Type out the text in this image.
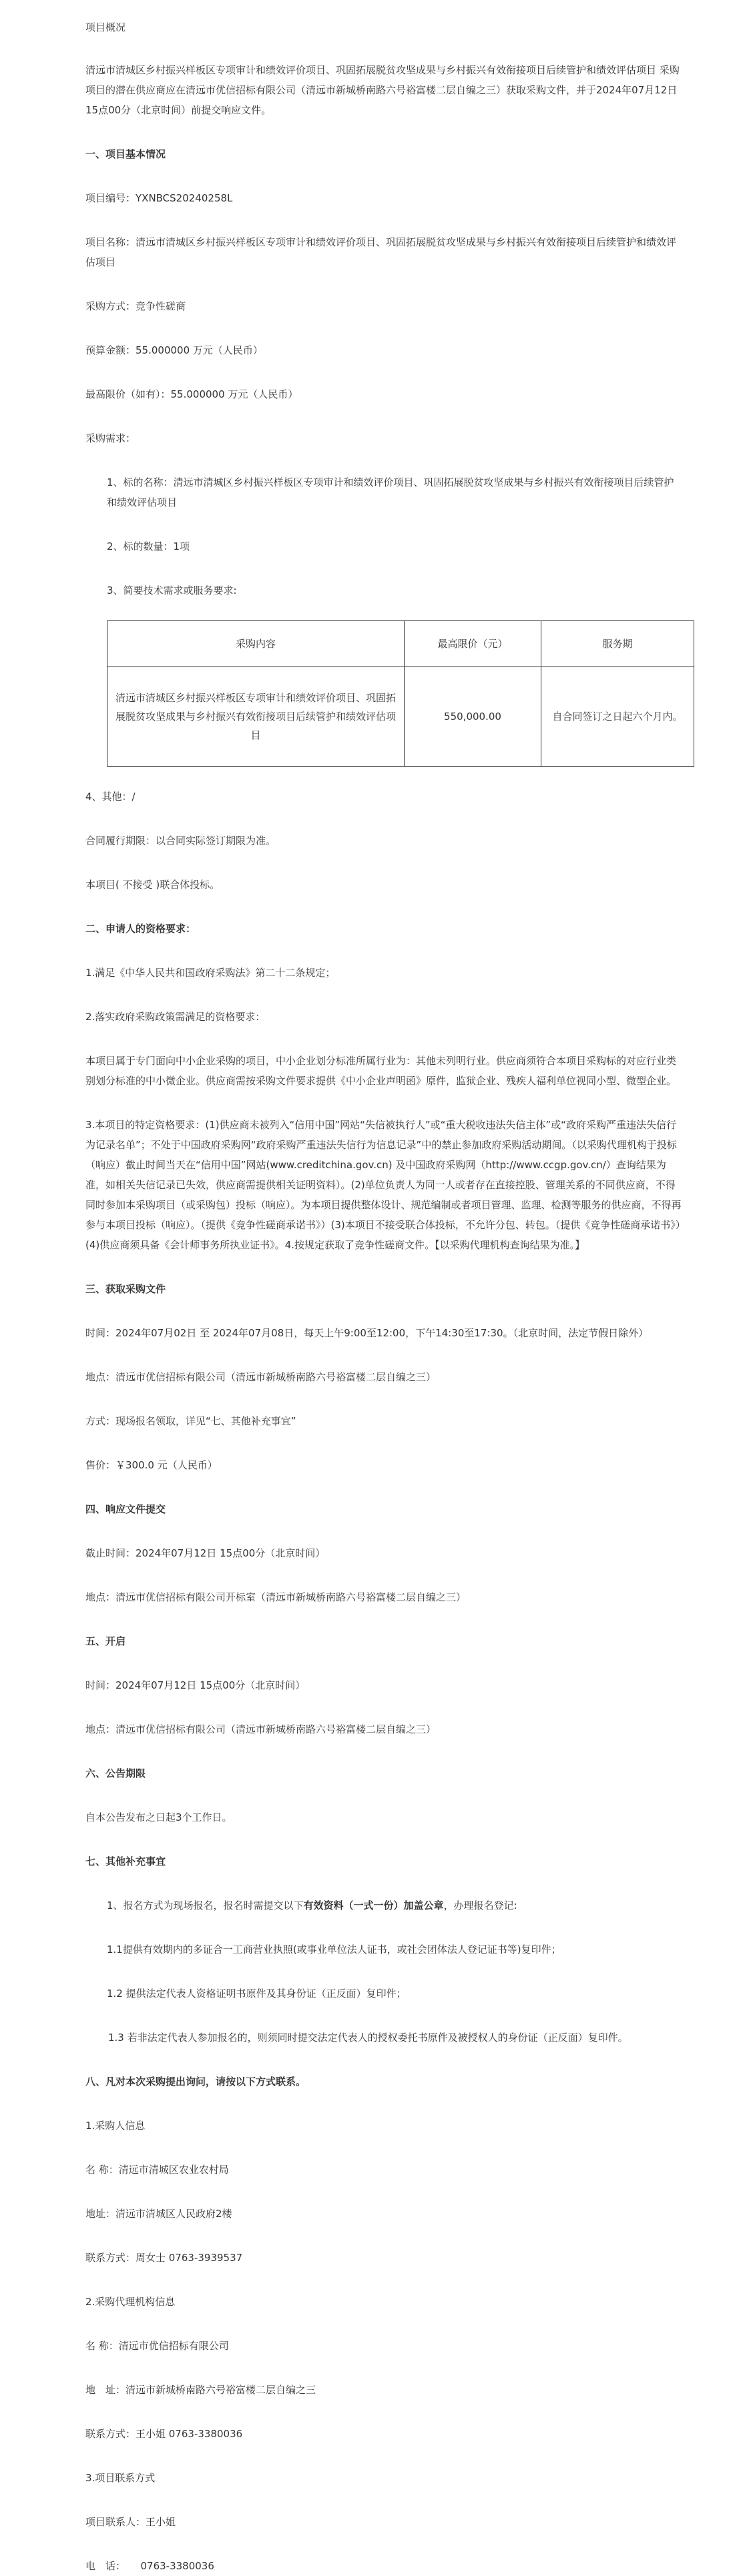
项目概况

清远市清城区乡村振兴样板区专项审计和绩效评价项目、巩固拓展脱贫攻坚成果与乡村振兴有效衔接项目后续管护和绩效评估项目 采购项目的潜在供应商应在清远市优信招标有限公司（清远市新城桥南路六号裕富楼二层自编之三）获取采购文件，并于2024年07月12日 15点00分（北京时间）前提交响应文件。

一、项目基本情况

项目编号：YXNBCS20240258L

项目名称：清远市清城区乡村振兴样板区专项审计和绩效评价项目、巩固拓展脱贫攻坚成果与乡村振兴有效衔接项目后续管护和绩效评估项目

采购方式：竞争性磋商

预算金额：55.000000 万元（人民币）

最高限价（如有）：55.000000 万元（人民币）

采购需求：

1、标的名称：清远市清城区乡村振兴样板区专项审计和绩效评价项目、巩固拓展脱贫攻坚成果与乡村振兴有效衔接项目后续管护和绩效评估项目

2、标的数量：1项

3、简要技术需求或服务要求:

采购内容	最高限价（元）	服务期
清远市清城区乡村振兴样板区专项审计和绩效评价项目、巩固拓展脱贫攻坚成果与乡村振兴有效衔接项目后续管护和绩效评估项目	550,000.00	自合同签订之日起六个月内。

4、其他：/

合同履行期限：以合同实际签订期限为准。

本项目( 不接受 )联合体投标。

二、申请人的资格要求：

1.满足《中华人民共和国政府采购法》第二十二条规定；

2.落实政府采购政策需满足的资格要求：

本项目属于专门面向中小企业采购的项目，中小企业划分标准所属行业为：其他未列明行业。供应商须符合本项目采购标的对应行业类别划分标准的中小微企业。供应商需按采购文件要求提供《中小企业声明函》原件，监狱企业、残疾人福利单位视同小型、微型企业。

3.本项目的特定资格要求：(1)供应商未被列入“信用中国”网站“失信被执行人”或“重大税收违法失信主体”或“政府采购严重违法失信行为记录名单”；不处于中国政府采购网“政府采购严重违法失信行为信息记录”中的禁止参加政府采购活动期间。（以采购代理机构于投标（响应）截止时间当天在“信用中国”网站(www.creditchina.gov.cn) 及中国政府采购网（http://www.ccgp.gov.cn/）查询结果为准，如相关失信记录已失效，供应商需提供相关证明资料）。(2)单位负责人为同一人或者存在直接控股、管理关系的不同供应商，不得同时参加本采购项目（或采购包）投标（响应）。为本项目提供整体设计、规范编制或者项目管理、监理、检测等服务的供应商，不得再参与本项目投标（响应）。（提供《竞争性磋商承诺书》）(3)本项目不接受联合体投标，不允许分包、转包。（提供《竞争性磋商承诺书》）(4)供应商须具备《会计师事务所执业证书》。4.按规定获取了竞争性磋商文件。【以采购代理机构查询结果为准。】

三、获取采购文件

时间：2024年07月02日 至 2024年07月08日，每天上午9:00至12:00，下午14:30至17:30。（北京时间，法定节假日除外）

地点：清远市优信招标有限公司（清远市新城桥南路六号裕富楼二层自编之三）

方式：现场报名领取，详见“七、其他补充事宜”

售价：￥300.0 元（人民币）

四、响应文件提交

截止时间：2024年07月12日 15点00分（北京时间）

地点：清远市优信招标有限公司开标室（清远市新城桥南路六号裕富楼二层自编之三）

五、开启

时间：2024年07月12日 15点00分（北京时间）

地点：清远市优信招标有限公司（清远市新城桥南路六号裕富楼二层自编之三）

六、公告期限

自本公告发布之日起3个工作日。

七、其他补充事宜

1、报名方式为现场报名，报名时需提交以下有效资料（一式一份）加盖公章，办理报名登记:

1.1提供有效期内的多证合一工商营业执照(或事业单位法人证书，或社会团体法人登记证书等)复印件；

1.2 提供法定代表人资格证明书原件及其身份证（正反面）复印件；

1.3 若非法定代表人参加报名的，则须同时提交法定代表人的授权委托书原件及被授权人的身份证（正反面）复印件。

八、凡对本次采购提出询问，请按以下方式联系。

1.采购人信息

名 称：清远市清城区农业农村局

地址：清远市清城区人民政府2楼

联系方式：周女士 0763-3939537

2.采购代理机构信息

名 称：清远市优信招标有限公司

地　址：清远市新城桥南路六号裕富楼二层自编之三

联系方式：王小姐 0763-3380036

3.项目联系方式

项目联系人：王小姐

电　话：　　0763-3380036
